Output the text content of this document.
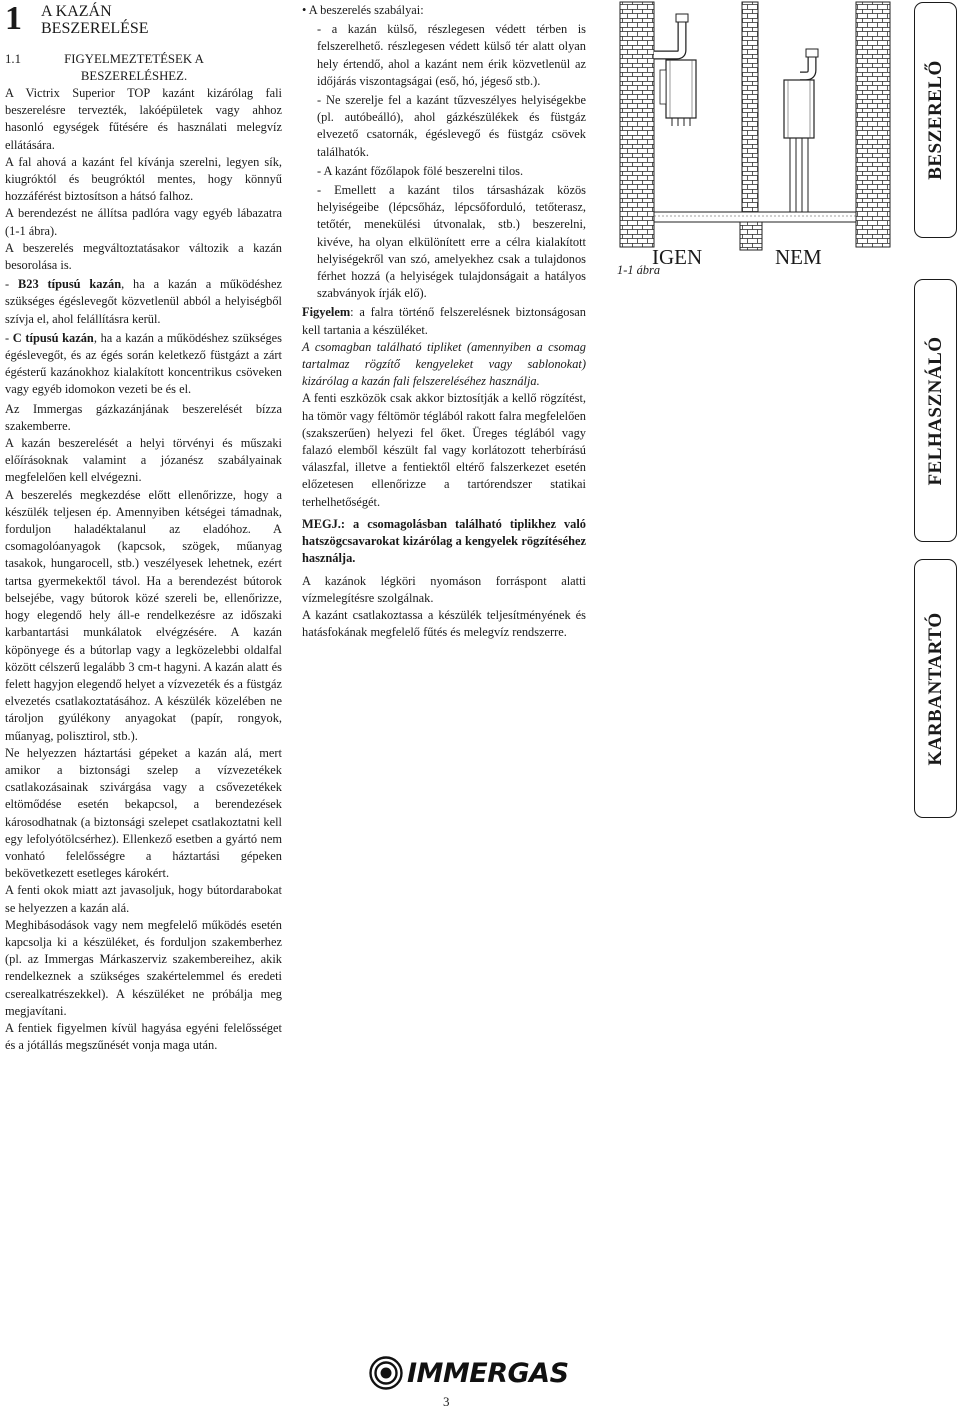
1	A KAZÁN
BESZERELÉSE
1.1	FIGYELMEZTETÉSEK A
BESZERELÉSHEZ.

A Victrix Superior TOP kazánt kizárólag fali beszerelésre tervezték, lakóépületek vagy ahhoz hasonló egységek fűtésére és használati melegvíz ellátására.

A fal ahová a kazánt fel kívánja szerelni, legyen sík, kiugróktól és beugróktól mentes, hogy könnyű hozzáférést biztosítson a hátsó falhoz.

A berendezést ne állítsa padlóra vagy egyéb lábazatra (1-1 ábra).

A beszerelés megváltoztatásakor változik a kazán besorolása is.

- B23 típusú kazán, ha a kazán a működéshez szükséges égéslevegőt közvetlenül abból a helyiségből szívja el, ahol felállításra kerül.

- C típusú kazán, ha a kazán a működéshez szükséges égéslevegőt, és az égés során keletkező füstgázt a zárt égésterű kazánokhoz kialakított koncentrikus csöveken vagy egyéb idomokon vezeti be és el.

Az Immergas gázkazánjának beszerelését bízza szakemberre.

A kazán beszerelését a helyi törvényi és műszaki előírásoknak valamint a józanész szabályainak megfelelően kell elvégezni.

A beszerelés megkezdése előtt ellenőrizze, hogy a készülék teljesen ép. Amennyiben kétségei támadnak, forduljon haladéktalanul az eladóhoz. A csomagolóanyagok (kapcsok, szögek, műanyag tasakok, hungarocell, stb.) veszélyesek lehetnek, ezért tartsa gyermekektől távol. Ha a berendezést bútorok belsejébe, vagy bútorok közé szereli be, ellenőrizze, hogy elegendő hely áll-e rendelkezésre az időszaki karbantartási munkálatok elvégzésére. A kazán köpönyege és a bútorlap vagy a legközelebbi oldalfal között célszerű legalább 3 cm-t hagyni. A kazán alatt és felett hagyjon elegendő helyet a vízvezeték és a füstgáz elvezetés csatlakoztatásához. A készülék közelében ne tároljon gyúlékony anyagokat (papír, rongyok, műanyag, polisztirol, stb.).

Ne helyezzen háztartási gépeket a kazán alá, mert amikor a biztonsági szelep a vízvezetékek csatlakozásainak szivárgása vagy a csővezetékek eltömődése esetén bekapcsol, a berendezések károsodhatnak (a biztonsági szelepet csatlakoztatni kell egy lefolyótölcsérhez). Ellenkező esetben a gyártó nem vonható felelősségre a háztartási gépeken bekövetkezett esetleges károkért.

A fenti okok miatt azt javasoljuk, hogy bútordarabokat se helyezzen a kazán alá.

Meghibásodások vagy nem megfelelő működés esetén kapcsolja ki a készüléket, és forduljon szakemberhez (pl. az Immergas Márkaszerviz szakembereihez, akik rendelkeznek a szükséges szakértelemmel és eredeti cserealkatrészekkel). A készüléket ne próbálja meg megjavítani.

A fentiek figyelmen kívül hagyása egyéni felelősséget és a jótállás megszűnését vonja maga után.

• A beszerelés szabályai:

- a kazán külső, részlegesen védett térben is felszerelhető. részlegesen védett külső tér alatt olyan hely értendő, ahol a kazánt nem érik közvetlenül az időjárás viszontagságai (eső, hó, jégeső stb.).

- Ne szerelje fel a kazánt tűzveszélyes helyiségekbe (pl. autóbeálló), ahol gázkészülékek és füstgáz elvezető csatornák, égéslevegő és füstgáz csövek találhatók.

- A kazánt főzőlapok fölé beszerelni tilos.

- Emellett a kazánt tilos társasházak közös helyiségeibe (lépcsőház, lépcsőforduló, tetőterasz, tetőtér, menekülési útvonalak, stb.) beszerelni, kivéve, ha olyan elkülönített erre a célra kialakított helyiségekről van szó, amelyekhez csak a tulajdonos férhet hozzá (a helyiségek tulajdonságait a hatályos szabványok írják elő).

Figyelem: a falra történő felszerelésnek biztonságosan kell tartania a készüléket.

A csomagban található tipliket (amennyiben a csomag tartalmaz rögzítő kengyeleket vagy sablonokat) kizárólag a kazán fali felszereléséhez használja.

A fenti eszközök csak akkor biztosítják a kellő rögzítést, ha tömör vagy féltömör téglából rakott falra megfelelően (szakszerűen) helyezi fel őket. Üreges téglából vagy falazó elemből készült fal vagy korlátozott teherbírású válaszfal, illetve a fentiektől eltérő falszerkezet esetén előzetesen ellenőrizze a tartórendszer statikai terhelhetőségét.

MEGJ.: a csomagolásban található tiplikhez való hatszögcsavarokat kizárólag a kengyelek rögzítéséhez használja.

A kazánok légköri nyomáson forráspont alatti vízmelegítésre szolgálnak.

A kazánt csatlakoztassa a készülék teljesítményének és hatásfokának megfelelő fűtés és melegvíz rendszerre.

IGEN	NEM
1-1 ábra
BESZERELŐ
FELHASZNÁLÓ
KARBANTARTÓ
IMMERGAS
3
